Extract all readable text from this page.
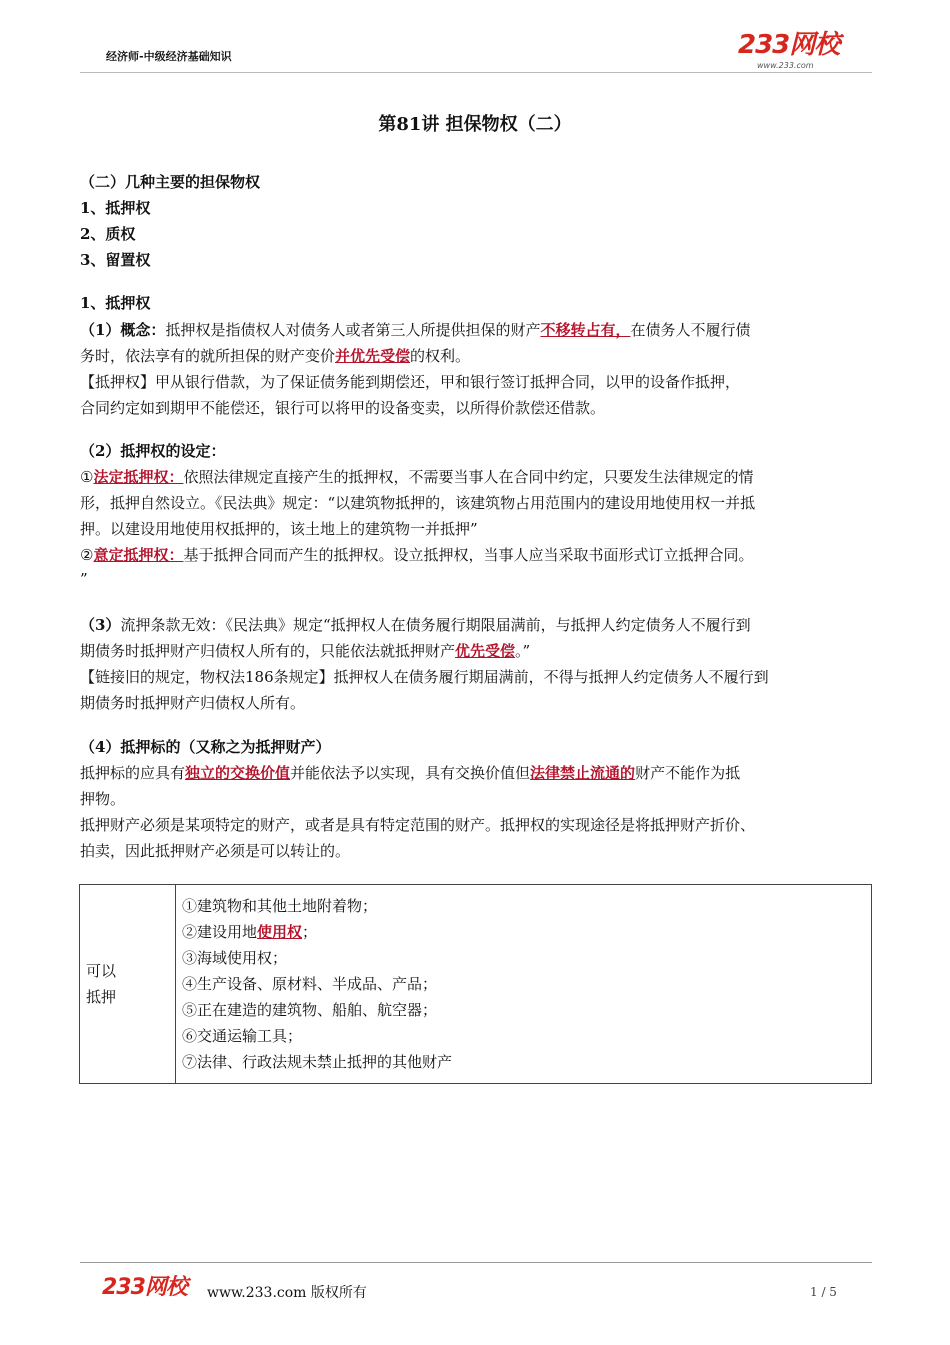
经济师-中级经济基础知识	233网校
www.233.com
第81讲 担保物权（二）
（二）几种主要的担保物权
1、抵押权
2、质权
3、留置权
1、抵押权
（1）概念：抵押权是指债权人对债务人或者第三人所提供担保的财产不移转占有，在债务人不履行债
务时，依法享有的就所担保的财产变价并优先受偿的权利。
【抵押权】甲从银行借款，为了保证债务能到期偿还，甲和银行签订抵押合同，以甲的设备作抵押，
合同约定如到期甲不能偿还，银行可以将甲的设备变卖，以所得价款偿还借款。
（2）抵押权的设定：
①法定抵押权：依照法律规定直接产生的抵押权，不需要当事人在合同中约定，只要发生法律规定的情
形，抵押自然设立。《民法典》规定：“以建筑物抵押的，该建筑物占用范围内的建设用地使用权一并抵
押。以建设用地使用权抵押的，该土地上的建筑物一并抵押”
②意定抵押权：基于抵押合同而产生的抵押权。设立抵押权，当事人应当采取书面形式订立抵押合同。
”
（3）流押条款无效：《民法典》规定“抵押权人在债务履行期限届满前，与抵押人约定债务人不履行到
期债务时抵押财产归债权人所有的，只能依法就抵押财产优先受偿。”
【链接旧的规定，物权法186条规定】抵押权人在债务履行期届满前，不得与抵押人约定债务人不履行到
期债务时抵押财产归债权人所有。
（4）抵押标的（又称之为抵押财产）
抵押标的应具有独立的交换价值并能依法予以实现，具有交换价值但法律禁止流通的财产不能作为抵
押物。
抵押财产必须是某项特定的财产，或者是具有特定范围的财产。抵押权的实现途径是将抵押财产折价、
拍卖，因此抵押财产必须是可以转让的。
可以
抵押

①建筑物和其他土地附着物；
②建设用地使用权；
③海域使用权；
④生产设备、原材料、半成品、产品；
⑤正在建造的建筑物、船舶、航空器；
⑥交通运输工具；
⑦法律、行政法规未禁止抵押的其他财产
233网校 www.233.com 版权所有	1 / 5
